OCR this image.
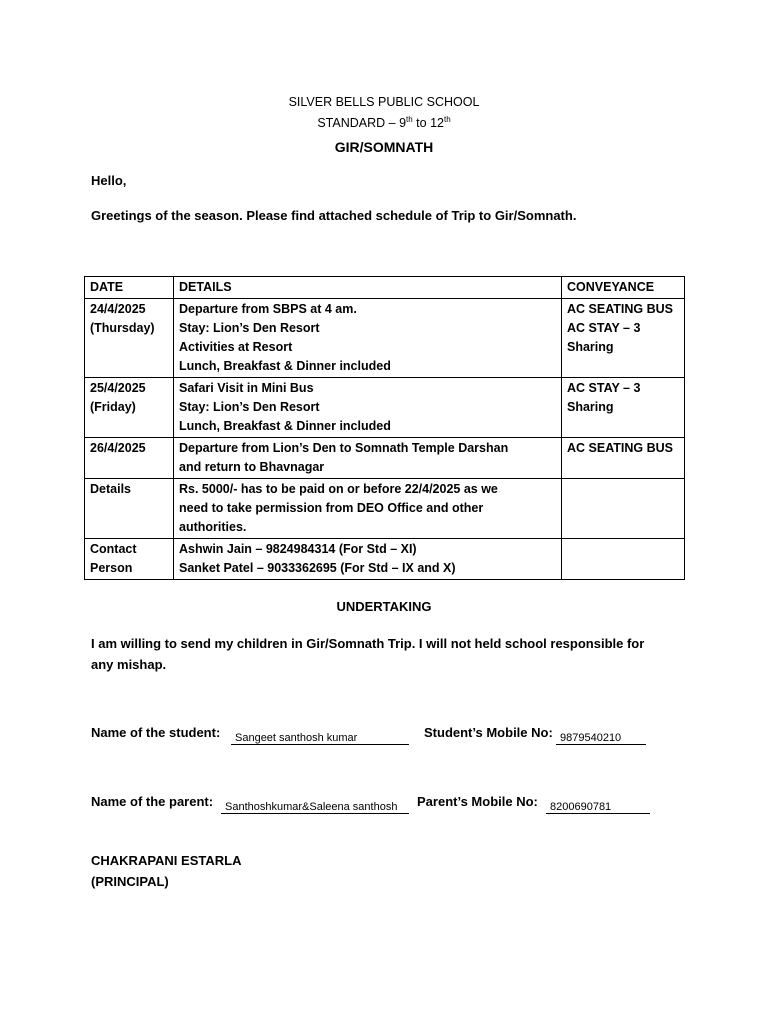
SILVER BELLS PUBLIC SCHOOL
STANDARD – 9th to 12th
GIR/SOMNATH
Hello,
Greetings of the season. Please find attached schedule of Trip to Gir/Somnath.
DATE	DETAILS	CONVEYANCE

24/4/2025
(Thursday)	Departure from SBPS at 4 am.
Stay: Lion’s Den Resort
Activities at Resort
Lunch, Breakfast & Dinner included	AC SEATING BUS
AC STAY – 3
Sharing

25/4/2025
(Friday)	Safari Visit in Mini Bus
Stay: Lion’s Den Resort
Lunch, Breakfast & Dinner included	AC STAY – 3
Sharing

26/4/2025	Departure from Lion’s Den to Somnath Temple Darshan
and return to Bhavnagar	AC SEATING BUS

Details	Rs. 5000/- has to be paid on or before 22/4/2025 as we
need to take permission from DEO Office and other
authorities.	

Contact
Person	Ashwin Jain – 9824984314 (For Std – XI)
Sanket Patel – 9033362695 (For Std – IX and X)	

UNDERTAKING
I am willing to send my children in Gir/Somnath Trip. I will not held school responsible for
any mishap.
Name of the student:	Sangeet santhosh kumar	Student’s Mobile No: 9879540210
Name of the parent:	Santhoshkumar&Saleena santhosh	Parent’s Mobile No:	8200690781
CHAKRAPANI ESTARLA
(PRINCIPAL)
